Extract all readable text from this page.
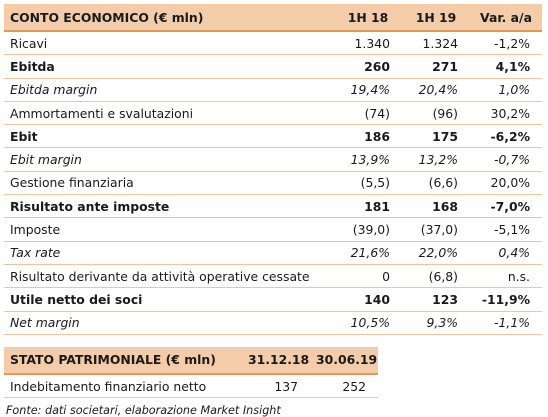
CONTO ECONOMICO (€ mln)	1H 18	1H 19	Var. a/a
Ricavi	1.340	1.324	-1,2%
Ebitda	260	271	4,1%
Ebitda margin	19,4%	20,4%	1,0%
Ammortamenti e svalutazioni	(74)	(96)	30,2%
Ebit	186	175	-6,2%
Ebit margin	13,9%	13,2%	-0,7%
Gestione finanziaria	(5,5)	(6,6)	20,0%
Risultato ante imposte	181	168	-7,0%
Imposte	(39,0)	(37,0)	-5,1%
Tax rate	21,6%	22,0%	0,4%
Risultato derivante da attività operative cessate	0	(6,8)	n.s.
Utile netto dei soci	140	123	-11,9%
Net margin	10,5%	9,3%	-1,1%
STATO PATRIMONIALE (€ mln)	31.12.18	30.06.19
Indebitamento finanziario netto	137	252
Fonte: dati societari, elaborazione Market Insight
